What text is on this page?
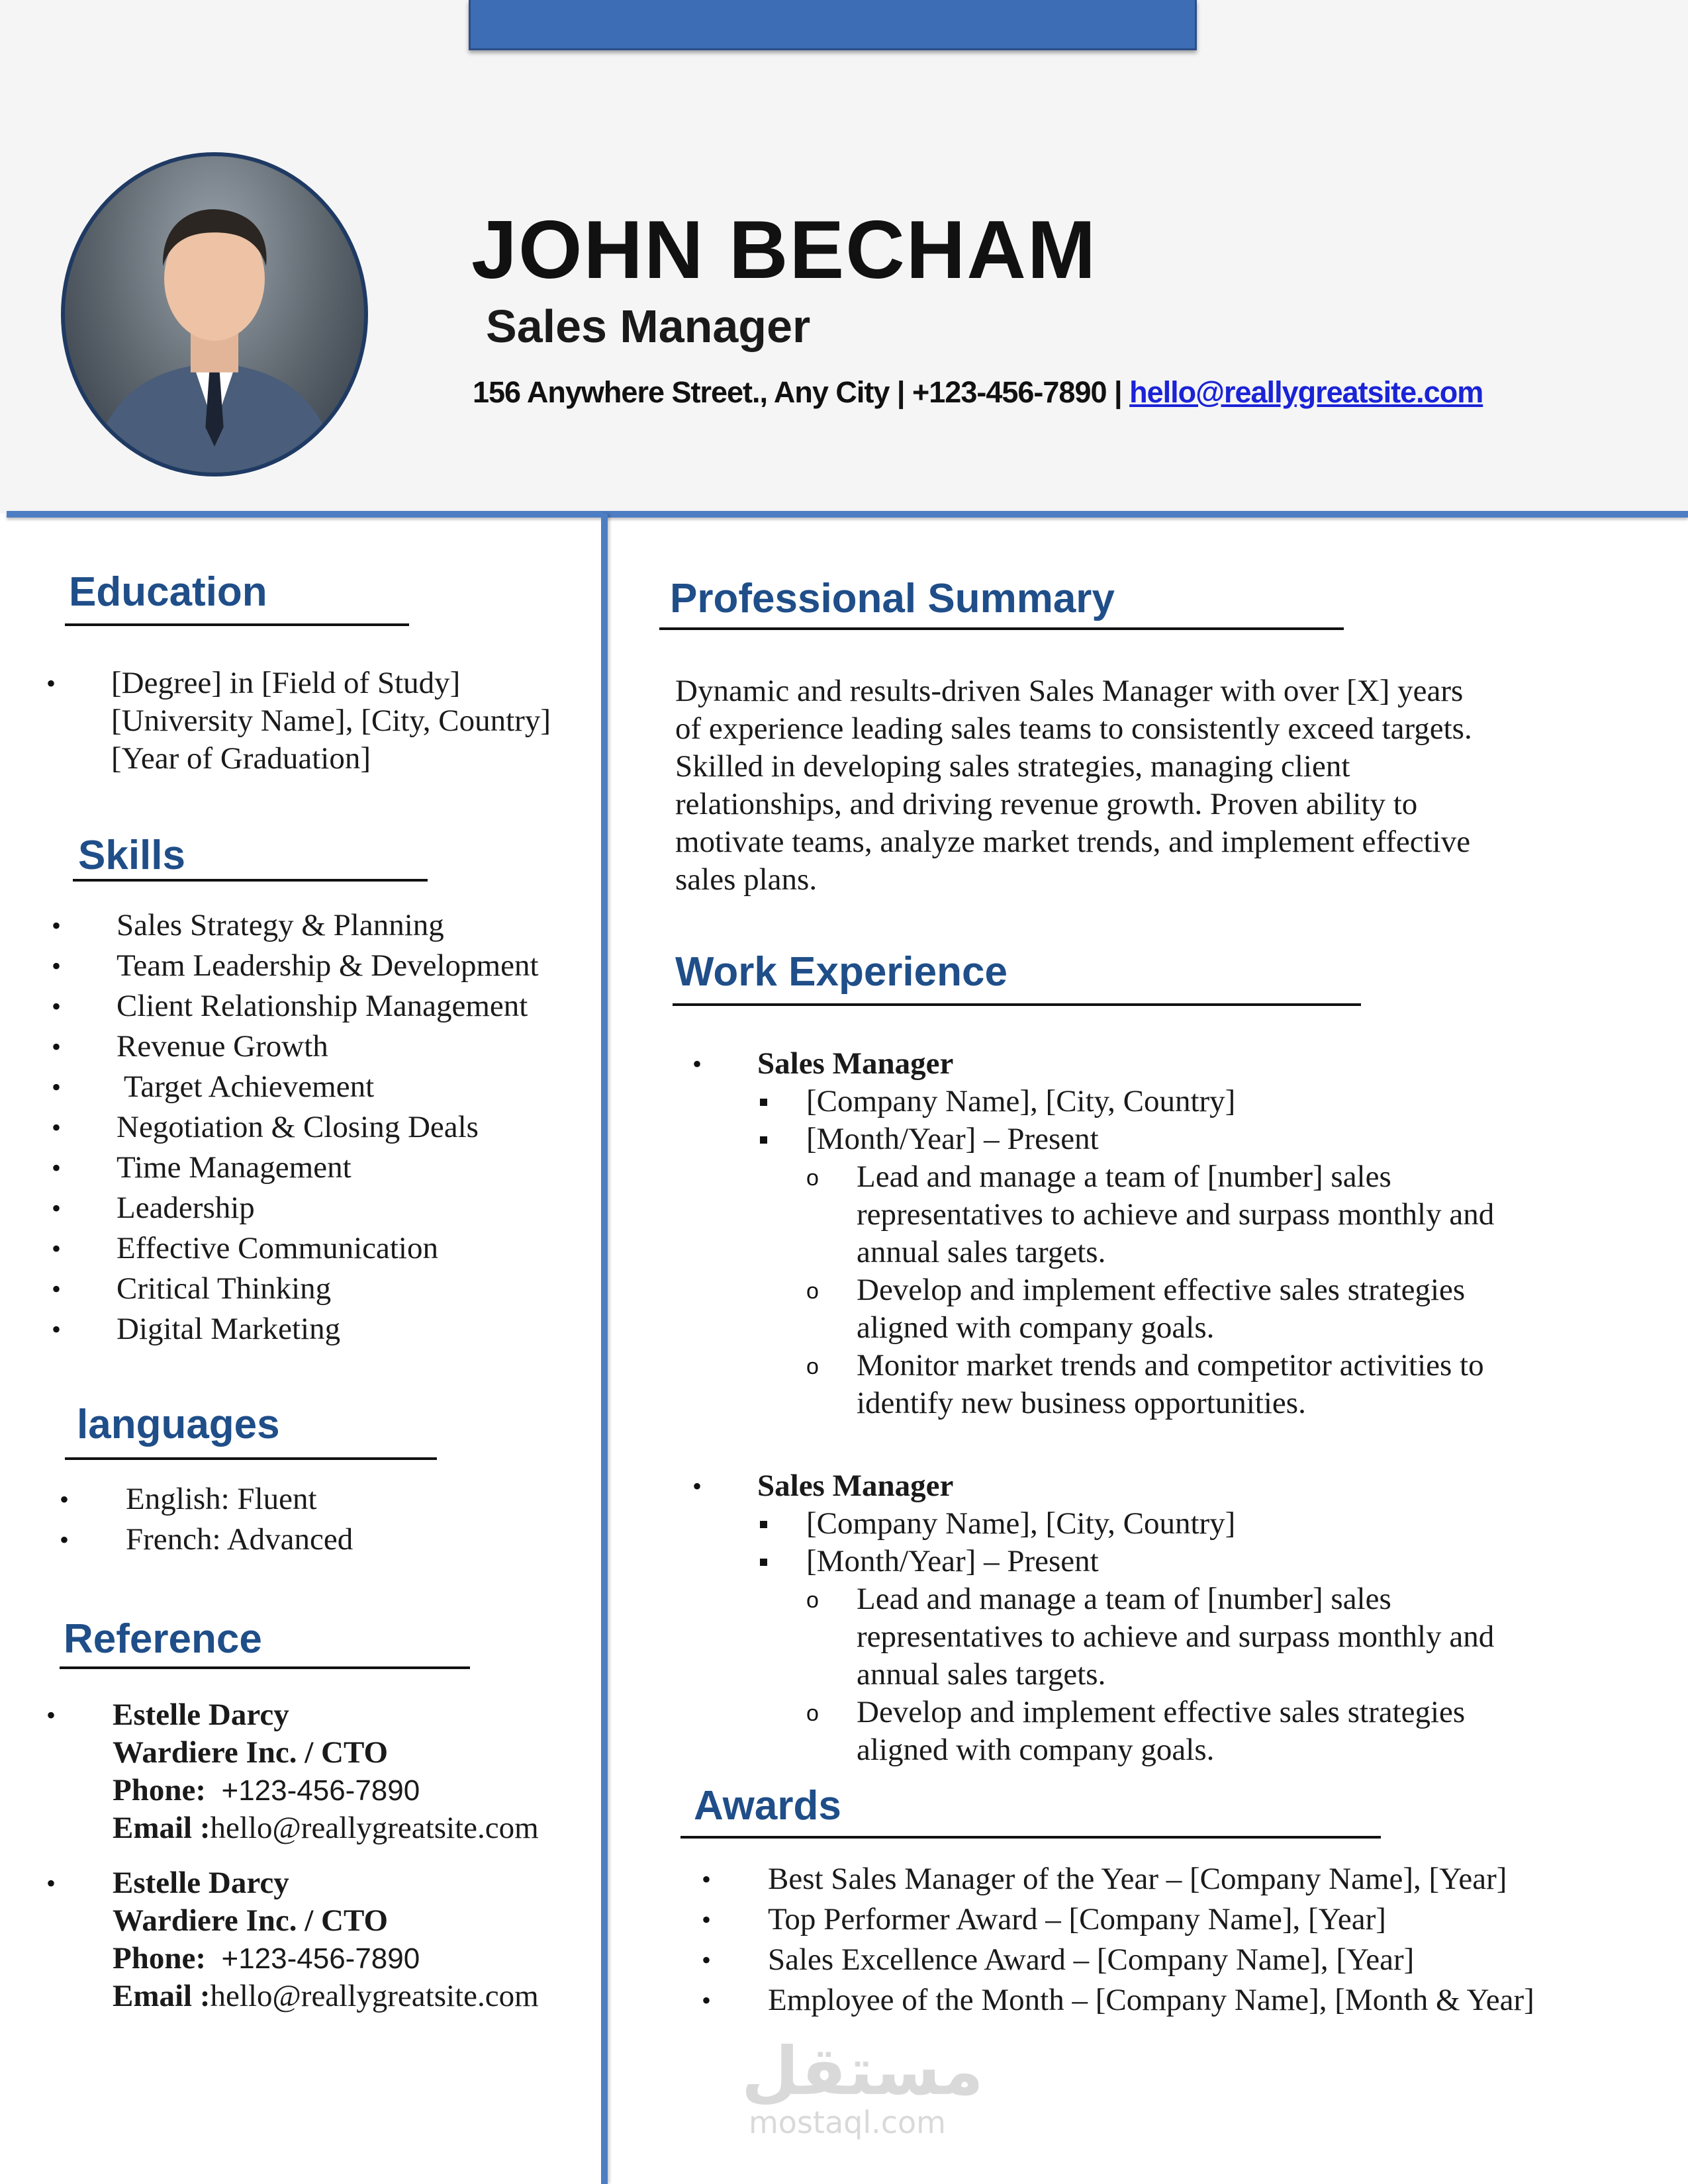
JOHN BECHAM
Sales Manager
156 Anywhere Street., Any City | +123-456-7890 | hello@reallygreatsite.com
Education
• [Degree] in [Field of Study]
[University Name], [City, Country]
[Year of Graduation]
Skills
• Sales Strategy & Planning
• Team Leadership & Development
• Client Relationship Management
• Revenue Growth
• Target Achievement
• Negotiation & Closing Deals
• Time Management
• Leadership
• Effective Communication
• Critical Thinking
• Digital Marketing
languages
• English: Fluent
• French: Advanced
Reference
• Estelle Darcy
Wardiere Inc. / CTO
Phone: +123-456-7890
Email :hello@reallygreatsite.com
• Estelle Darcy
Wardiere Inc. / CTO
Phone: +123-456-7890
Email :hello@reallygreatsite.com
Professional Summary
Dynamic and results-driven Sales Manager with over [X] years
of experience leading sales teams to consistently exceed targets.
Skilled in developing sales strategies, managing client
relationships, and driving revenue growth. Proven ability to
motivate teams, analyze market trends, and implement effective
sales plans.
Work Experience
• Sales Manager
[Company Name], [City, Country]
[Month/Year] – Present
o Lead and manage a team of [number] sales
representatives to achieve and surpass monthly and
annual sales targets.
o Develop and implement effective sales strategies
aligned with company goals.
o Monitor market trends and competitor activities to
identify new business opportunities.
• Sales Manager
[Company Name], [City, Country]
[Month/Year] – Present
o Lead and manage a team of [number] sales
representatives to achieve and surpass monthly and
annual sales targets.
o Develop and implement effective sales strategies
aligned with company goals.
Awards
• Best Sales Manager of the Year – [Company Name], [Year]
• Top Performer Award – [Company Name], [Year]
• Sales Excellence Award – [Company Name], [Year]
• Employee of the Month – [Company Name], [Month & Year]
مستقل
mostaql.com
